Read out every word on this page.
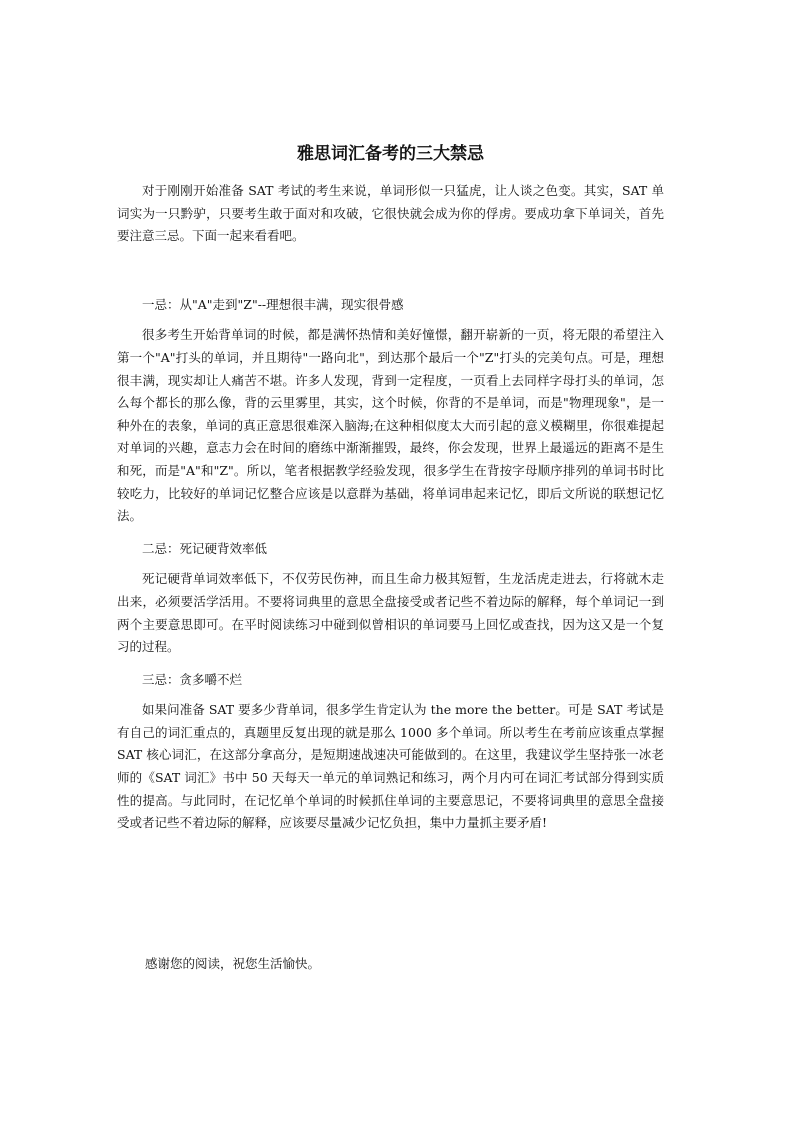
雅思词汇备考的三大禁忌

对于刚刚开始准备 SAT 考试的考生来说，单词形似一只猛虎，让人谈之色变。其实，SAT 单词实为一只黔驴，只要考生敢于面对和攻破，它很快就会成为你的俘虏。要成功拿下单词关，首先要注意三忌。下面一起来看看吧。

一忌：从"A"走到"Z"--理想很丰满，现实很骨感

很多考生开始背单词的时候，都是满怀热情和美好憧憬，翻开崭新的一页，将无限的希望注入第一个"A"打头的单词，并且期待"一路向北"，到达那个最后一个"Z"打头的完美句点。可是，理想很丰满，现实却让人痛苦不堪。许多人发现，背到一定程度，一页看上去同样字母打头的单词，怎么每个都长的那么像，背的云里雾里，其实，这个时候，你背的不是单词，而是"物理现象"，是一种外在的表象，单词的真正意思很难深入脑海;在这种相似度太大而引起的意义模糊里，你很难提起对单词的兴趣，意志力会在时间的磨练中渐渐摧毁，最终，你会发现，世界上最遥远的距离不是生和死，而是"A"和"Z"。所以，笔者根据教学经验发现，很多学生在背按字母顺序排列的单词书时比较吃力，比较好的单词记忆整合应该是以意群为基础，将单词串起来记忆，即后文所说的联想记忆法。

二忌：死记硬背效率低

死记硬背单词效率低下，不仅劳民伤神，而且生命力极其短暂，生龙活虎走进去，行将就木走出来，必须要活学活用。不要将词典里的意思全盘接受或者记些不着边际的解释，每个单词记一到两个主要意思即可。在平时阅读练习中碰到似曾相识的单词要马上回忆或查找，因为这又是一个复习的过程。

三忌：贪多嚼不烂

如果问准备 SAT 要多少背单词，很多学生肯定认为 the more the better。可是 SAT 考试是有自己的词汇重点的，真题里反复出现的就是那么 1000 多个单词。所以考生在考前应该重点掌握 SAT 核心词汇，在这部分拿高分，是短期速战速决可能做到的。在这里，我建议学生坚持张一冰老师的《SAT 词汇》书中 50 天每天一单元的单词熟记和练习，两个月内可在词汇考试部分得到实质性的提高。与此同时，在记忆单个单词的时候抓住单词的主要意思记，不要将词典里的意思全盘接受或者记些不着边际的解释，应该要尽量减少记忆负担，集中力量抓主要矛盾!

感谢您的阅读，祝您生活愉快。
